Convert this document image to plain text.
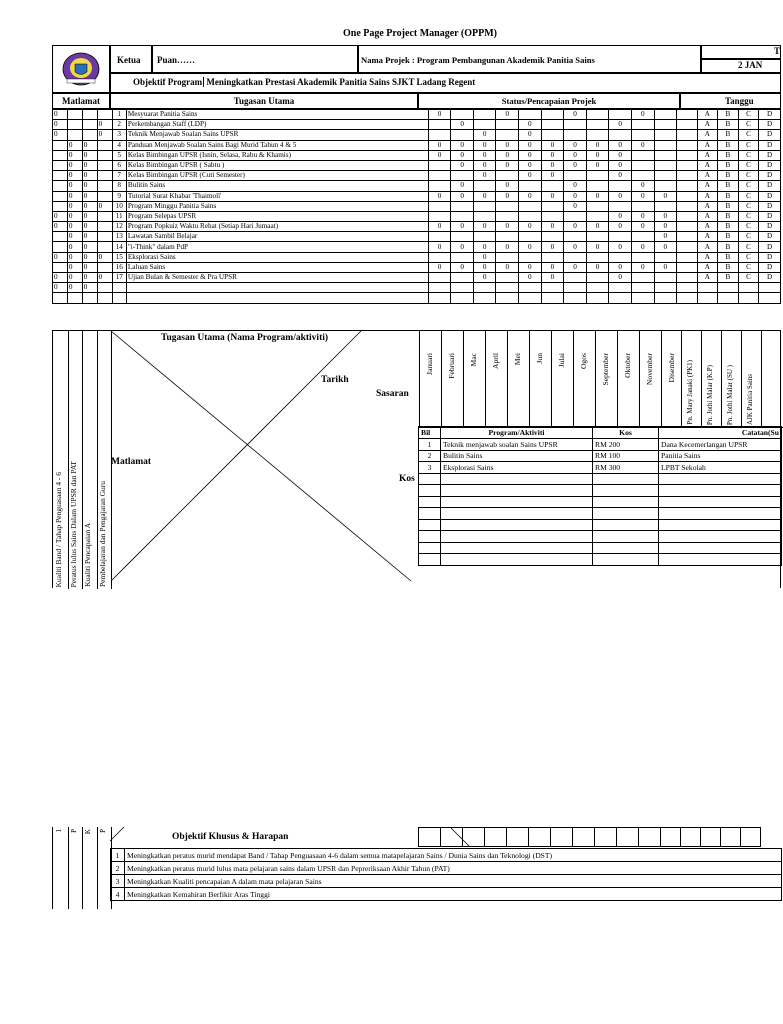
One Page Project Manager (OPPM)
Ketua	Puan……	Nama Projek : Program Pembangunan Akademik Panitia Sains
T
2 JAN
Objektif Program Meningkatkan Prestasi Akademik Panitia Sains SJKT Ladang Regent
Matlamat	Tugasan Utama	Status/Pencapaian Projek	Tanggu
0				1	Mesyuarat Panitia Sains	0			0			0			0			A	B	C	D
0			0	2	Perkembangan Staff (LDP)		0			0				0				A	B	C	D
0			0	3	Teknik Menjawab Soalan Sains UPSR			0		0								A	B	C	D
	0	0		4	Panduan Menjawab Soalan Sains Bagi Murid Tahun 4 & 5	0	0	0	0	0	0	0	0	0	0			A	B	C	D
	0	0		5	Kelas Bimbingan UPSR (Isnin, Selasa, Rabu & Khamis)	0	0	0	0	0	0	0	0	0				A	B	C	D
	0	0		6	Kelas Bimbingan UPSR ( Sabtu )		0	0	0	0	0	0	0	0				A	B	C	D
	0	0		7	Kelas Bimbingan UPSR (Cuti Semester)			0		0	0			0				A	B	C	D
	0	0		8	Bulitin Sains		0		0			0			0			A	B	C	D
	0	0		9	Tutorial Surat Khabar 'Thaimoli'	0	0	0	0	0	0	0	0	0	0	0		A	B	C	D
	0	0	0	10	Program Minggu Panitia Sains							0						A	B	C	D
0	0	0		11	Program Selepas UPSR									0	0	0		A	B	C	D
0	0	0		12	Program Popkuiz Waktu Rehat (Setiap Hari Jumaat)	0	0	0	0	0	0	0	0	0	0	0		A	B	C	D
	0	0		13	Lawatan Sambil Belajar											0		A	B	C	D
	0	0		14	"i-Think" dalam PdP	0	0	0	0	0	0	0	0	0	0	0		A	B	C	D
0	0	0	0	15	Eksplorasi Sains			0										A	B	C	D
	0	0		16	Laluan Sains	0	0	0	0	0	0	0	0	0	0	0		A	B	C	D
0	0	0	0	17	Ujian Bulan & Semester & Pra UPSR			0		0	0			0				A	B	C	D
0	0	0																			

Kualiti Band / Tahap Penguasaan 4 - 6 Peratus lulus Sains Dalam UPSR dan PAT Kualiti Pencapaian A Pembelajaran dan Pengajaran Guru
Tugasan Utama (Nama Program/aktiviti)
Tarikh
Sasaran
Matlamat
Kos
Januari Februari Mac April Mei Jun Julai Ogos September Oktober November Disember Pn. Mary Janaki (PK1) Pn. Jothi Malar (K.P) Pn. Jothi Malar (SU ) AJK Panitia Sains
Bil	Program/Aktiviti	Kos	Catatan(Su
1	Teknik menjawab soalan Sains UPSR	RM 200	Dana Kecemerlangan UPSR
2	Bulitin Sains	RM 100	Panitia Sains
3	Eksplorasi Sains	RM 300	LPBT Sekolah

1 P K P
Objektif Khusus & Harapan
1	Meningkatkan peratus murid mendapat Band / Tahap Penguasaan 4-6 dalam semua matapelajaran Sains / Dunia Sains dan Teknologi (DST)
2	Meningkatkan peratus murid lulus mata pelajaran sains dalam UPSR dan Pepreriksaan Akhir Tahun (PAT)
3	Meningkatkan Kualiti pencapaian A dalam mata pelajaran Sains
4	Meningkatkan Kemahiran Berfikir Aras Tinggi
